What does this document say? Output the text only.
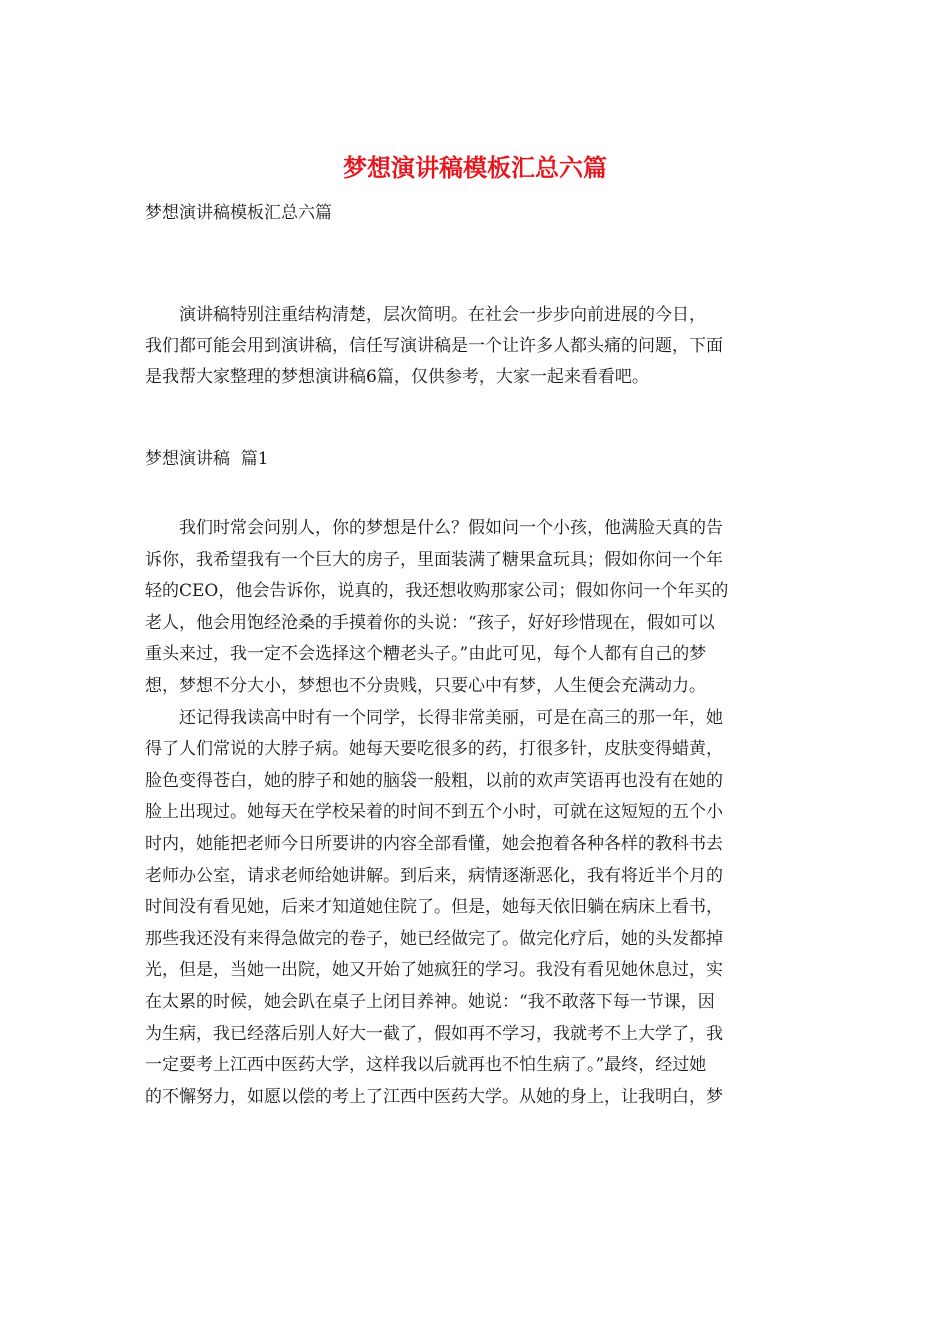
梦想演讲稿模板汇总六篇

梦想演讲稿模板汇总六篇

　　演讲稿特别注重结构清楚，层次简明。在社会一步步向前进展的今日，
我们都可能会用到演讲稿，信任写演讲稿是一个让许多人都头痛的问题，下面
是我帮大家整理的梦想演讲稿6篇，仅供参考，大家一起来看看吧。

梦想演讲稿  篇1

　　我们时常会问别人，你的梦想是什么？假如问一个小孩，他满脸天真的告
诉你，我希望我有一个巨大的房子，里面装满了糖果盒玩具；假如你问一个年
轻的CEO，他会告诉你，说真的，我还想收购那家公司；假如你问一个年买的
老人，他会用饱经沧桑的手摸着你的头说：“孩子，好好珍惜现在，假如可以
重头来过，我一定不会选择这个糟老头子。”由此可见，每个人都有自己的梦
想，梦想不分大小，梦想也不分贵贱，只要心中有梦，人生便会充满动力。
　　还记得我读高中时有一个同学，长得非常美丽，可是在高三的那一年，她
得了人们常说的大脖子病。她每天要吃很多的药，打很多针，皮肤变得蜡黄，
脸色变得苍白，她的脖子和她的脑袋一般粗，以前的欢声笑语再也没有在她的
脸上出现过。她每天在学校呆着的时间不到五个小时，可就在这短短的五个小
时内，她能把老师今日所要讲的内容全部看懂，她会抱着各种各样的教科书去
老师办公室，请求老师给她讲解。到后来，病情逐渐恶化，我有将近半个月的
时间没有看见她，后来才知道她住院了。但是，她每天依旧躺在病床上看书，
那些我还没有来得急做完的卷子，她已经做完了。做完化疗后，她的头发都掉
光，但是，当她一出院，她又开始了她疯狂的学习。我没有看见她休息过，实
在太累的时候，她会趴在桌子上闭目养神。她说：“我不敢落下每一节课，因
为生病，我已经落后别人好大一截了，假如再不学习，我就考不上大学了，我
一定要考上江西中医药大学，这样我以后就再也不怕生病了。”最终，经过她
的不懈努力，如愿以偿的考上了江西中医药大学。从她的身上，让我明白，梦
